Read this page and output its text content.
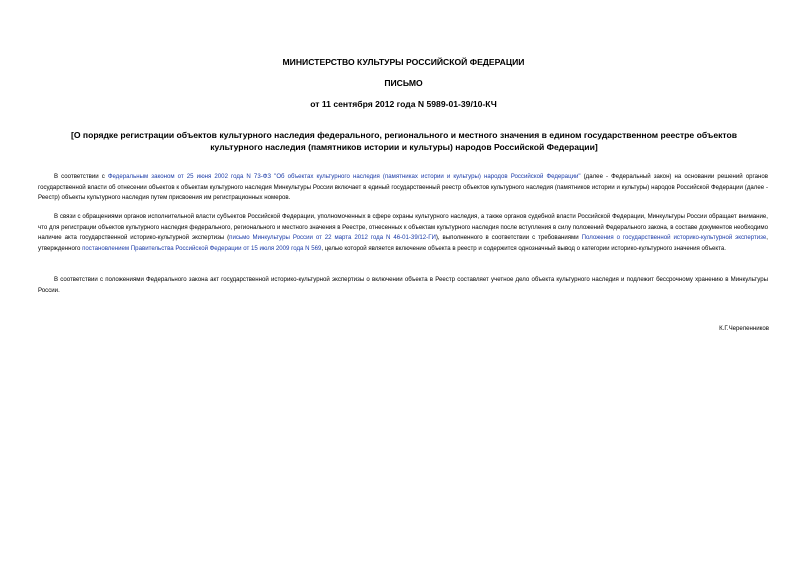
МИНИСТЕРСТВО КУЛЬТУРЫ РОССИЙСКОЙ ФЕДЕРАЦИИ
ПИСЬМО
от 11 сентября 2012 года N 5989-01-39/10-КЧ
[О порядке регистрации объектов культурного наследия федерального, регионального и местного значения в едином государственном реестре объектов культурного наследия (памятников истории и культуры) народов Российской Федерации]
В соответствии с Федеральным законом от 25 июня 2002 года N 73-ФЗ "Об объектах культурного наследия (памятниках истории и культуры) народов Российской Федерации" (далее - Федеральный закон) на основании решений органов государственной власти об отнесении объектов к объектам культурного наследия Минкультуры России включает в единый государственный реестр объектов культурного наследия (памятников истории и культуры) народов Российской Федерации (далее - Реестр) объекты культурного наследия путем присвоения им регистрационных номеров.
В связи с обращениями органов исполнительной власти субъектов Российской Федерации, уполномоченных в сфере охраны культурного наследия, а также органов судебной власти Российской Федерации, Минкультуры России обращает внимание, что для регистрации объектов культурного наследия федерального, регионального и местного значения в Реестре, отнесенных к объектам культурного наследия после вступления в силу положений Федерального закона, в составе документов необходимо наличие акта государственной историко-культурной экспертизы (письмо Минкультуры России от 22 марта 2012 года N 46-01-39/12-ГИ), выполненного в соответствии с требованиями Положения о государственной историко-культурной экспертизе, утвержденного постановлением Правительства Российской Федерации от 15 июля 2009 года N 569, целью которой является включение объекта в реестр и содержится однозначный вывод о категории историко-культурного значения объекта.
В соответствии с положениями Федерального закона акт государственной историко-культурной экспертизы о включении объекта в Реестр составляет учетное дело объекта культурного наследия и подлежит бессрочному хранению в Минкультуры России.
К.Г.Черепенников
